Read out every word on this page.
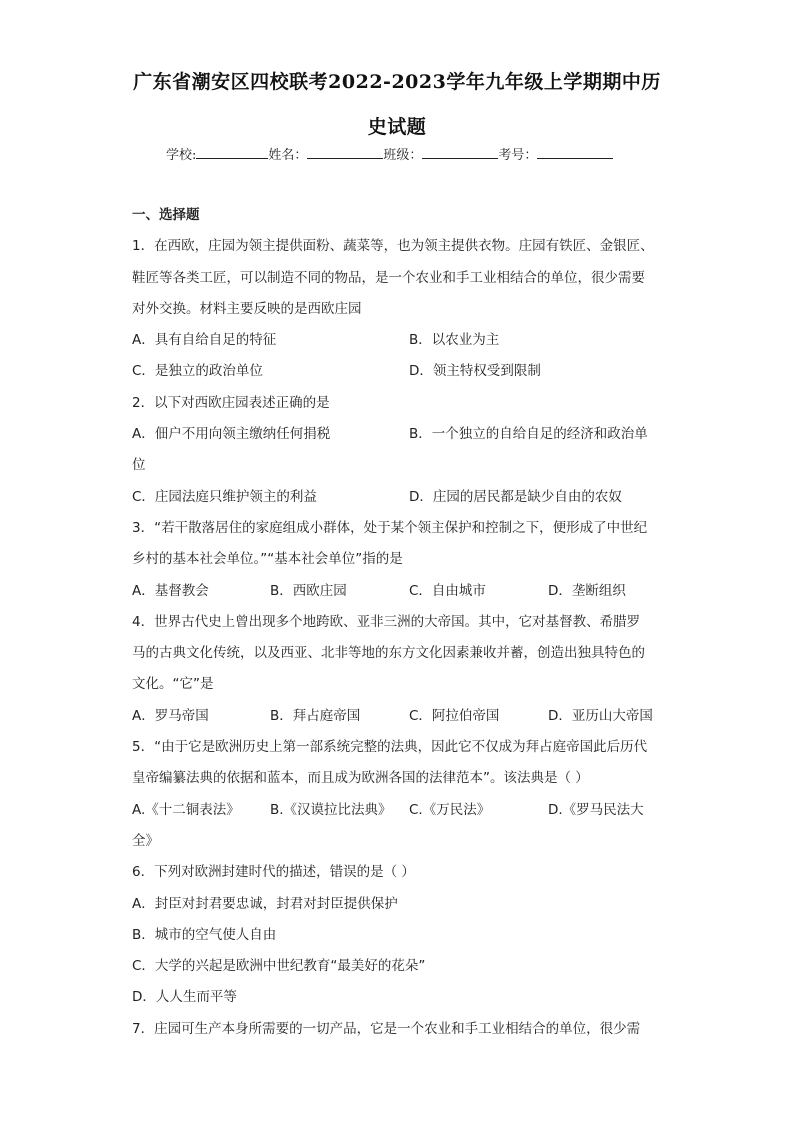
广东省潮安区四校联考2022-2023学年九年级上学期期中历
史试题
学校:	姓名：	班级：	考号：

一、选择题

1．在西欧，庄园为领主提供面粉、蔬菜等，也为领主提供衣物。庄园有铁匠、金银匠、

鞋匠等各类工匠，可以制造不同的物品，是一个农业和手工业相结合的单位，很少需要

对外交换。材料主要反映的是西欧庄园

A．具有自给自足的特征	B．以农业为主
C．是独立的政治单位	D．领主特权受到限制

2．以下对西欧庄园表述正确的是

A．佃户不用向领主缴纳任何捐税	B．一个独立的自给自足的经济和政治单

位

C．庄园法庭只维护领主的利益	D．庄园的居民都是缺少自由的农奴

3．“若干散落居住的家庭组成小群体，处于某个领主保护和控制之下，便形成了中世纪

乡村的基本社会单位。”“基本社会单位”指的是

A．基督教会	B．西欧庄园	C．自由城市	D．垄断组织

4．世界古代史上曾出现多个地跨欧、亚非三洲的大帝国。其中，它对基督教、希腊罗

马的古典文化传统，以及西亚、北非等地的东方文化因素兼收并蓄，创造出独具特色的

文化。“它”是

A．罗马帝国	B．拜占庭帝国	C．阿拉伯帝国	D．亚历山大帝国

5．“由于它是欧洲历史上第一部系统完整的法典，因此它不仅成为拜占庭帝国此后历代

皇帝编纂法典的依据和蓝本，而且成为欧洲各国的法律范本”。该法典是（ ）

A.《十二铜表法》 B.《汉谟拉比法典》 C.《万民法》	D.《罗马民法大

全》

6．下列对欧洲封建时代的描述，错误的是（ ）

A．封臣对封君要忠诚，封君对封臣提供保护

B．城市的空气使人自由

C．大学的兴起是欧洲中世纪教育“最美好的花朵”

D．人人生而平等

7．庄园可生产本身所需要的一切产品，它是一个农业和手工业相结合的单位，很少需
